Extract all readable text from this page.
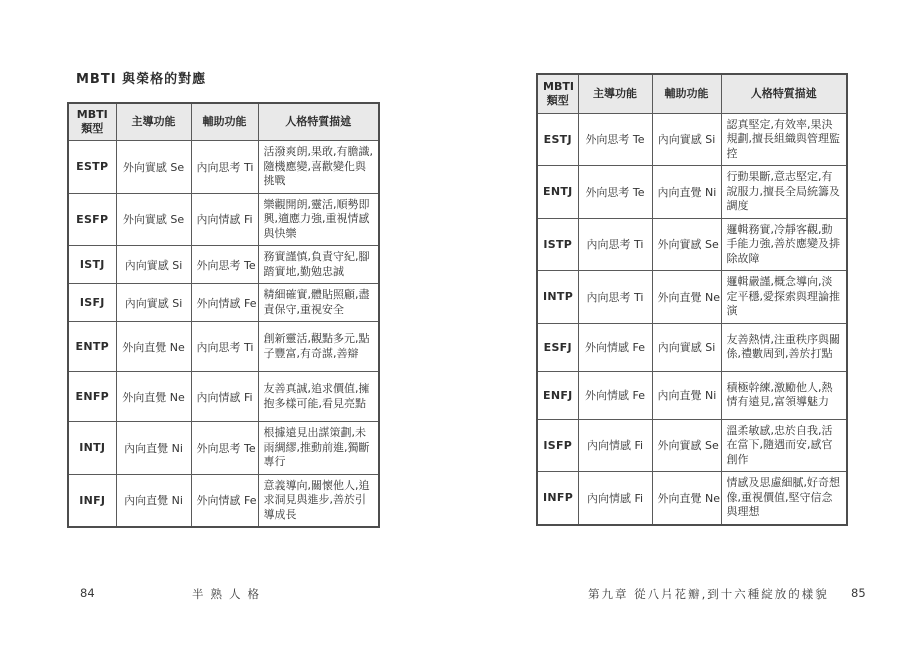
MBTI 與榮格的對應
MBTI 類型	主導功能	輔助功能	人格特質描述
ESTP	外向實感 Se	內向思考 Ti	活潑爽朗,果敢,有膽識,隨機應變,喜歡變化與挑戰
ESFP	外向實感 Se	內向情感 Fi	樂觀開朗,靈活,順勢即興,適應力強,重視情感與快樂
ISTJ	內向實感 Si	外向思考 Te	務實謹慎,負責守紀,腳踏實地,勤勉忠誠
ISFJ	內向實感 Si	外向情感 Fe	精細確實,體貼照顧,盡責保守,重視安全
ENTP	外向直覺 Ne	內向思考 Ti	創新靈活,觀點多元,點子豐富,有奇謀,善辯
ENFP	外向直覺 Ne	內向情感 Fi	友善真誠,追求價值,擁抱多樣可能,看見亮點
INTJ	內向直覺 Ni	外向思考 Te	根據遠見出謀策劃,未雨綢繆,推動前進,獨斷專行
INFJ	內向直覺 Ni	外向情感 Fe	意義導向,關懷他人,追求洞見與進步,善於引導成長
84	半熟人格
MBTI 類型	主導功能	輔助功能	人格特質描述
ESTJ	外向思考 Te	內向實感 Si	認真堅定,有效率,果決規劃,擅長組織與管理監控
ENTJ	外向思考 Te	內向直覺 Ni	行動果斷,意志堅定,有說服力,擅長全局統籌及調度
ISTP	內向思考 Ti	外向實感 Se	邏輯務實,冷靜客觀,動手能力強,善於應變及排除故障
INTP	內向思考 Ti	外向直覺 Ne	邏輯嚴謹,概念導向,淡定平穩,愛探索與理論推演
ESFJ	外向情感 Fe	內向實感 Si	友善熱情,注重秩序與關係,禮數周到,善於打點
ENFJ	外向情感 Fe	內向直覺 Ni	積極幹練,激勵他人,熱情有遠見,富領導魅力
ISFP	內向情感 Fi	外向實感 Se	溫柔敏感,忠於自我,活在當下,隨遇而安,感官創作
INFP	內向情感 Fi	外向直覺 Ne	情感及思慮細膩,好奇想像,重視價值,堅守信念與理想
第九章 從八片花瓣,到十六種綻放的樣貌 85
